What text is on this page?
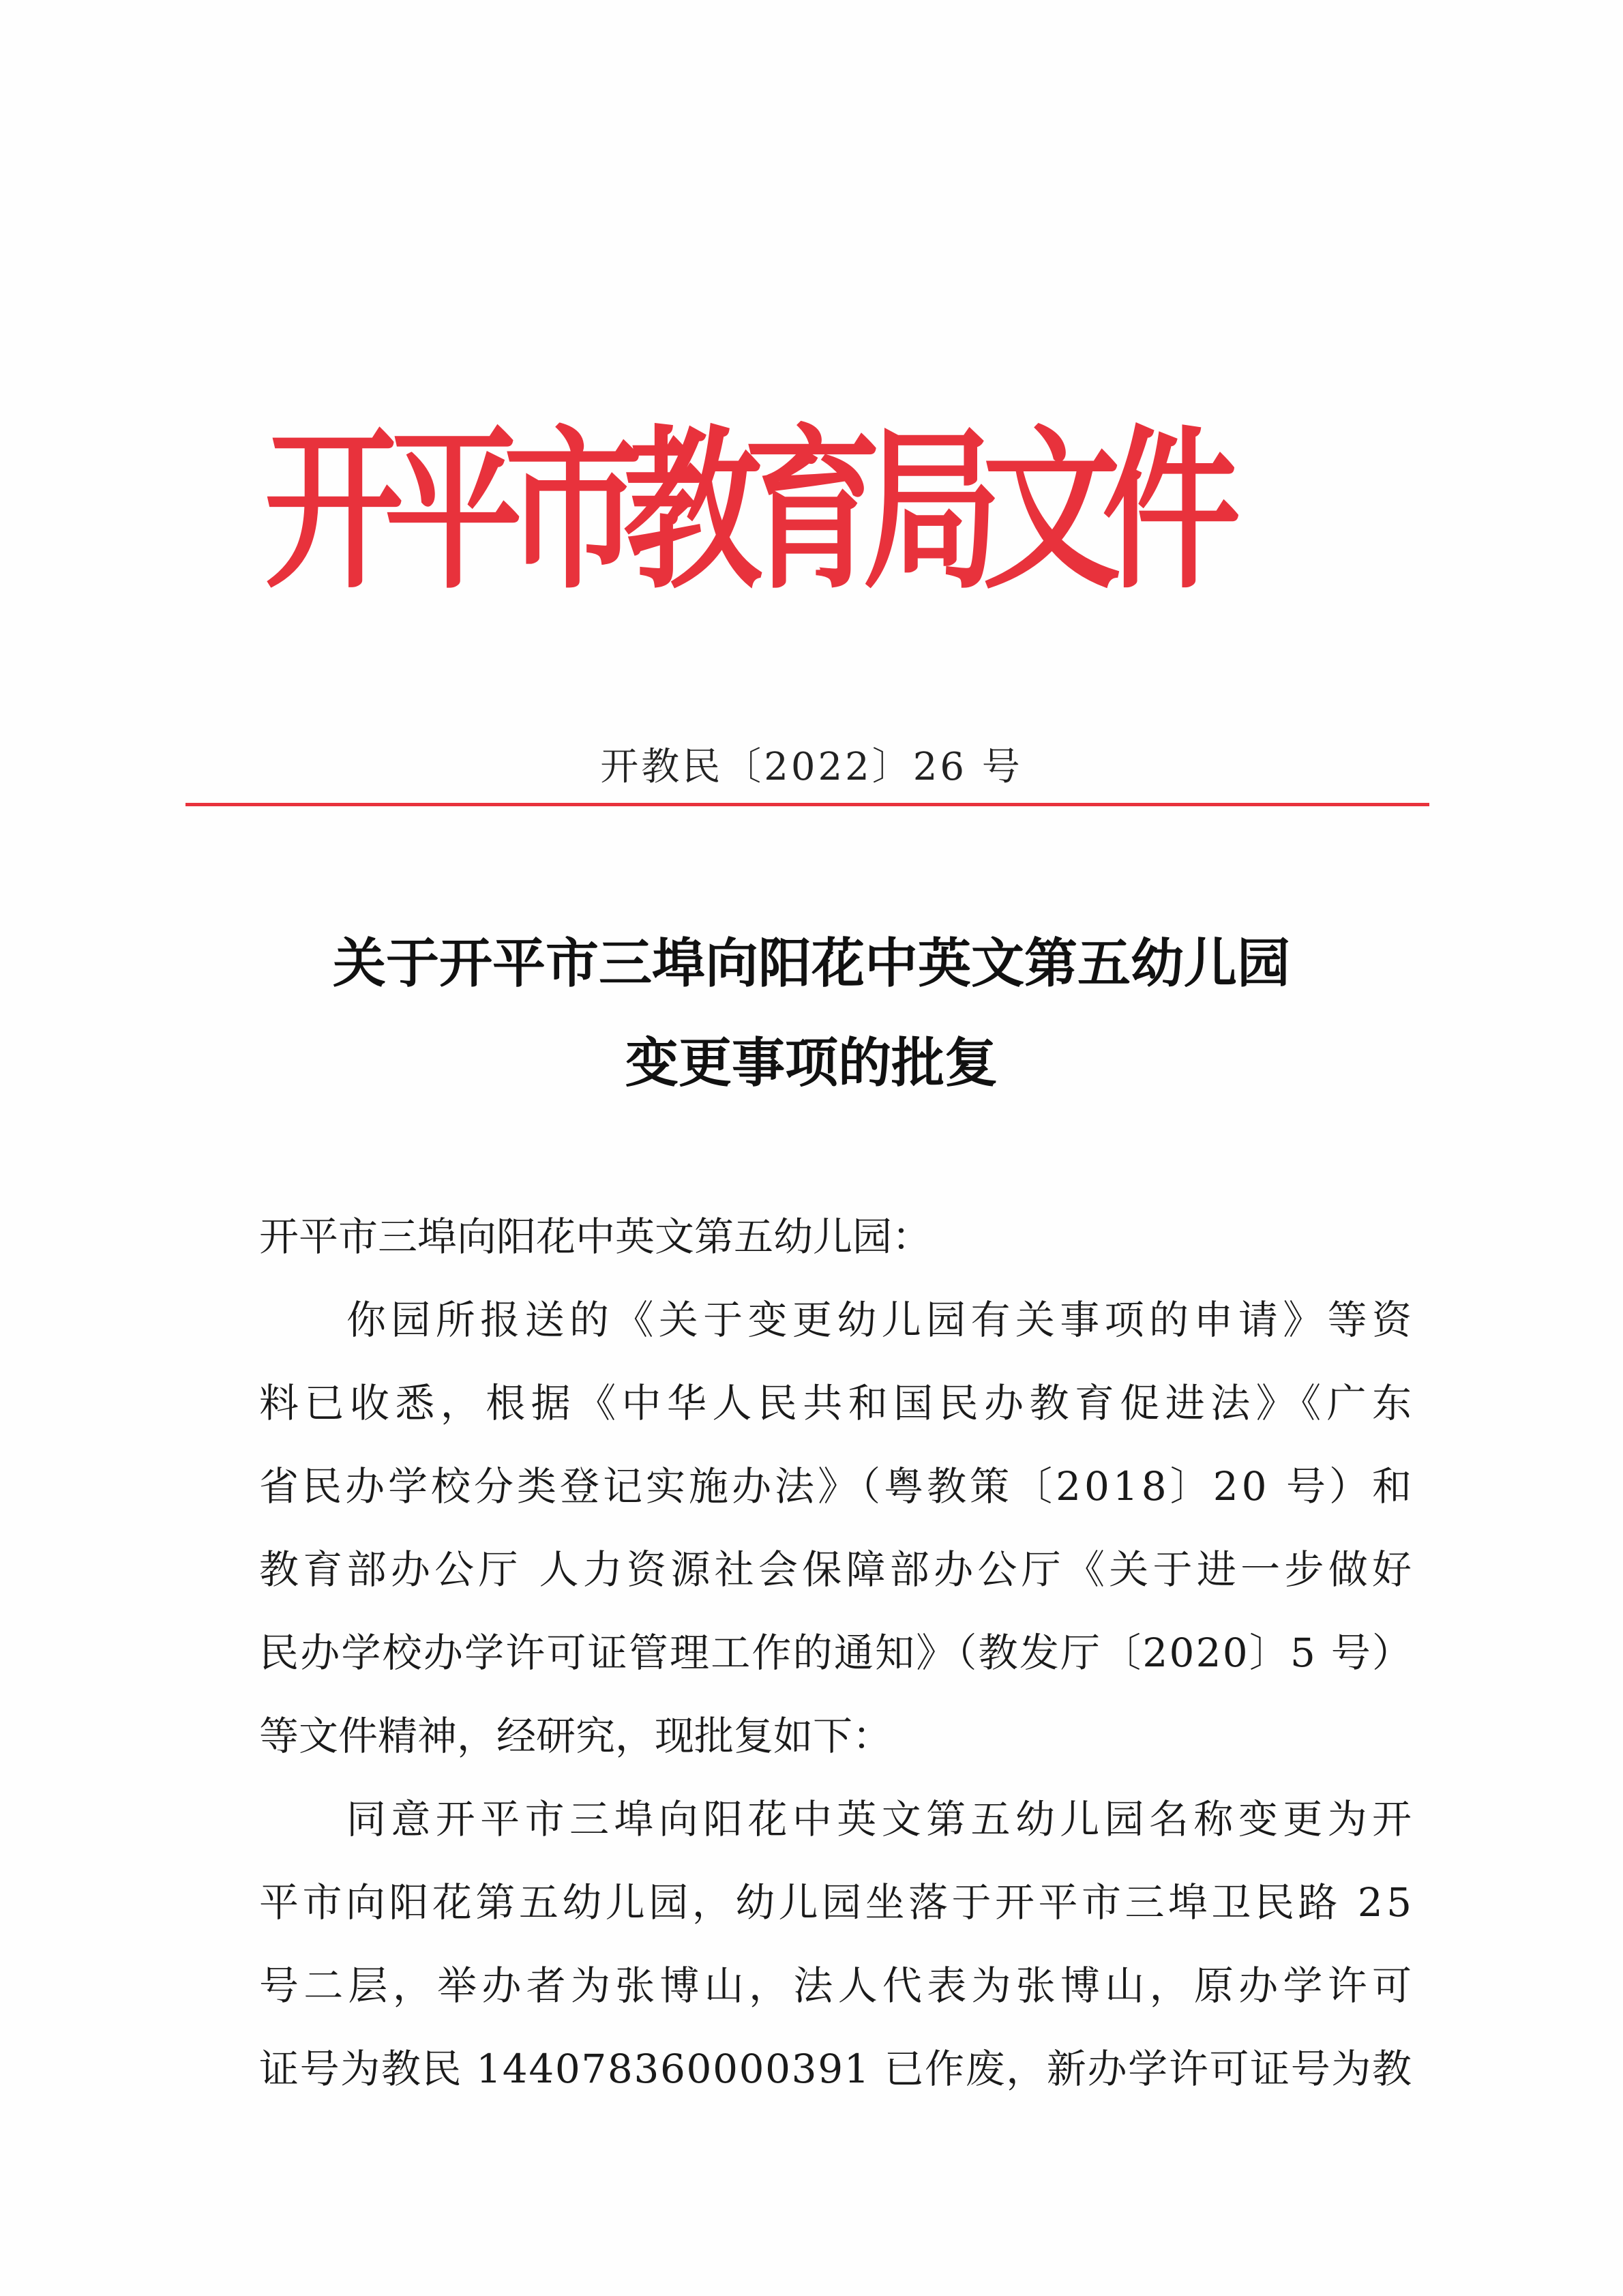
开平市教育局文件
开教民〔2022〕26 号
关于开平市三埠向阳花中英文第五幼儿园
变更事项的批复
开平市三埠向阳花中英文第五幼儿园：
你园所报送的《关于变更幼儿园有关事项的申请》等资
料已收悉，根据《中华人民共和国民办教育促进法》《广东
省民办学校分类登记实施办法》（粤教策〔2018〕20 号）和
教育部办公厅 人力资源社会保障部办公厅《关于进一步做好
民办学校办学许可证管理工作的通知》（教发厅〔2020〕5 号）
等文件精神，经研究，现批复如下：
同意开平市三埠向阳花中英文第五幼儿园名称变更为开
平市向阳花第五幼儿园，幼儿园坐落于开平市三埠卫民路 25
号二层，举办者为张博山，法人代表为张博山，原办学许可
证号为教民 144078360000391 已作废，新办学许可证号为教
